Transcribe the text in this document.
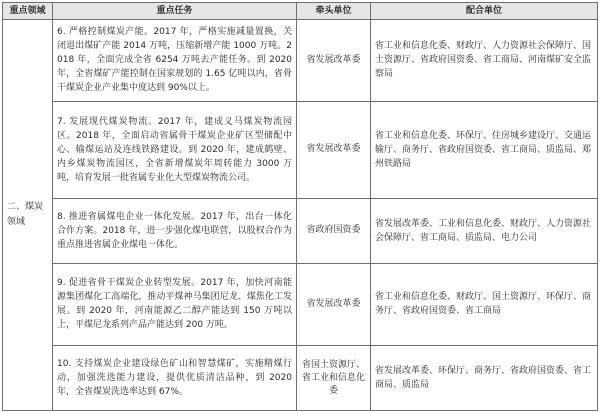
重点领域	重点任务	牵头单位	配合单位
二、煤炭领域	6. 严格控制煤炭产能。2017 年，严格实施减量置换，关闭退出煤矿产能 2014 万吨，压缩新增产能 1000 万吨。2018 年，全面完成全省 6254 万吨去产能任务。到 2020 年，全省煤矿产能控制在国家规划的 1.65 亿吨以内，省骨干煤炭企业产业集中度达到 90%以上。	省发展改革委	省工业和信息化委、财政厅、人力资源社会保障厅、国土资源厅、省政府国资委、省工商局、河南煤矿安全监察局
	7. 发展现代煤炭物流。2017 年，建成义马煤炭物流园区。2018 年，全面启动省属骨干煤炭企业矿区型储配中心、输煤运站及连线铁路建设。到 2020 年，建成鹤壁、内乡煤炭物流园区，全省新增煤炭年周转能力 3000 万吨，培育发展一批省属专业化大型煤炭物流公司。	省发展改革委	省工业和信息化委、环保厅、住房城乡建设厅、交通运输厅、商务厅、省政府国资委、省工商局、质监局、郑州铁路局
	8. 推进省属煤电企业一体化发展。2017 年，出台一体化合作方案。2018 年，进一步强化煤电联营，以股权合作为重点推进省属企业煤电一体化。	省政府国资委	省发展改革委、工业和信息化委、财政厅、人力资源社会保障厅、省工商局、质监局、电力公司
	9. 促进省骨干煤炭企业转型发展。2017 年，加快河南能源集团煤化工高端化，推动平煤神马集团尼龙、煤焦化工发展。到 2020 年，河南能源乙二醇产能达到 150 万吨以上，平煤尼龙系列产品产能达到 200 万吨。	省发展改革委	省工业和信息化委、财政厅、国土资源厅、环保厅、商务厅、省政府国资委、省工商局
	10. 支持煤炭企业建设绿色矿山和智慧煤矿，实施精煤行动，加强洗选能力建设，提供优质清洁品种，到 2020 年，全省煤炭洗选率达到 67%。	省国土资源厅、省工业和信息化委	省发展改革委、环保厅、商务厅、省政府国资委、省工商局、质监局
